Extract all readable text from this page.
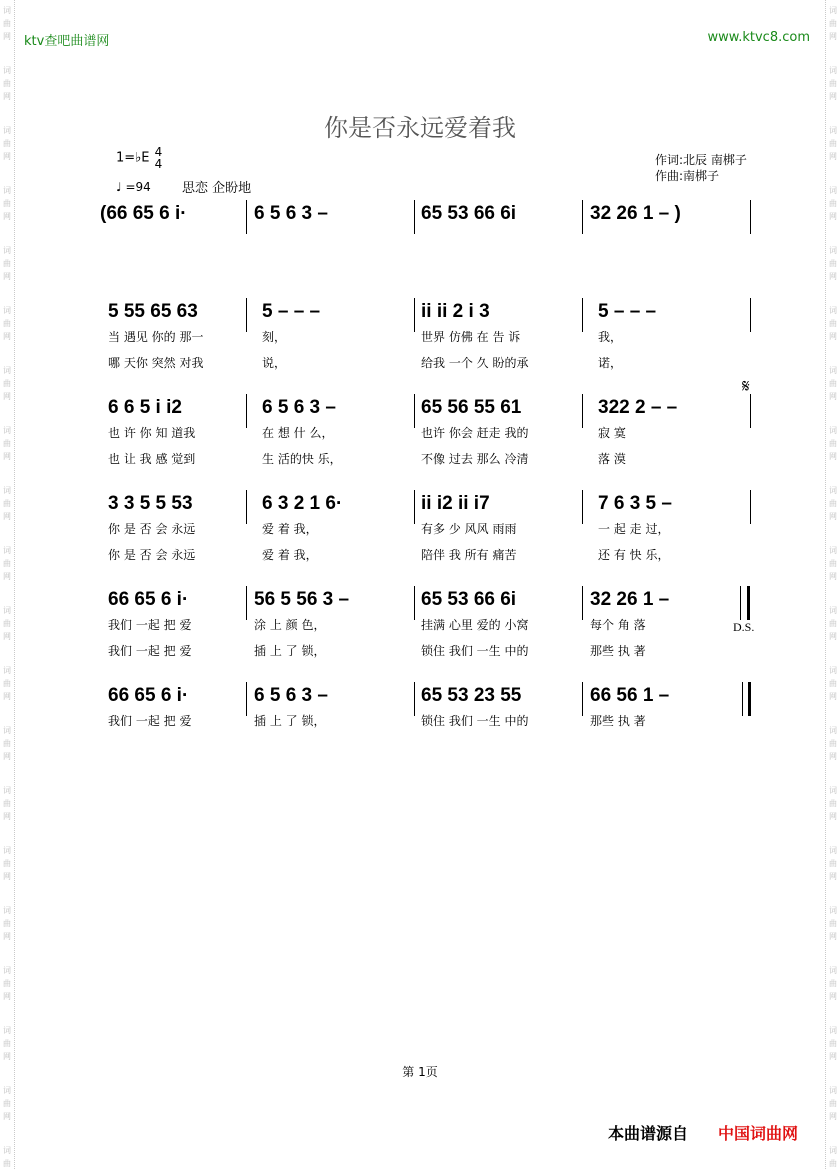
词
曲
网
词
曲
网
词
曲
网
词
曲
网
词
曲
网
词
曲
网
词
曲
网
词
曲
网
词
曲
网
词
曲
网
词
曲
网
词
曲
网
词
曲
网
词
曲
网
词
曲
网
词
曲
网
词
曲
网
词
曲
网
词
曲
网
词
曲
词
曲
网
词
曲
网
词
曲
网
词
曲
网
词
曲
网
词
曲
网
词
曲
网
词
曲
网
词
曲
网
词
曲
网
词
曲
网
词
曲
网
词
曲
网
词
曲
网
词
曲
网
词
曲
网
词
曲
网
词
曲
网
词
曲
网
词
曲
ktv查吧曲谱网	www.ktvc8.com
你是否永远爱着我
1=♭E 4
4
♩ =94 思恋 企盼地
作词:北辰 南梆子
作曲:南梆子
(66 65 6 i·	6 5 6 3 –	65 53 66 6i	32 26 1 – )
5 55 65 63	5 – – –	ii ii 2 i 3	5 – – –
当 遇见 你的 那一	刻，	世界 仿佛 在 告 诉	我，
哪 天你 突然 对我	说，	给我 一个 久 盼的承	诺，
𝄋
6 6 5 i i2	6 5 6 3 –	65 56 55 61	322 2 – –
也 许 你 知 道我	在 想 什 么，	也许 你会 赶走 我的	寂 寞
也 让 我 感 觉到	生 活的快 乐，	不像 过去 那么 冷清	落 漠
3 3 5 5 53	6 3 2 1 6·	ii i2 ii i7	7 6 3 5 –
你 是 否 会 永远	爱 着 我，	有多 少 风风 雨雨	一 起 走 过，
你 是 否 会 永远	爱 着 我，	陪伴 我 所有 痛苦	还 有 快 乐，
66 65 6 i·	56 5 56 3 –	65 53 66 6i	32 26 1 –
D.S.
我们 一起 把 爱	涂 上 颜 色，	挂满 心里 爱的 小窝	每个 角 落
我们 一起 把 爱	插 上 了 锁，	锁住 我们 一生 中的	那些 执 著
66 65 6 i·	6 5 6 3 –	65 53 23 55	66 56 1 –
我们 一起 把 爱	插 上 了 锁，	锁住 我们 一生 中的	那些 执 著
第 1页
本曲谱源自 中国词曲网
